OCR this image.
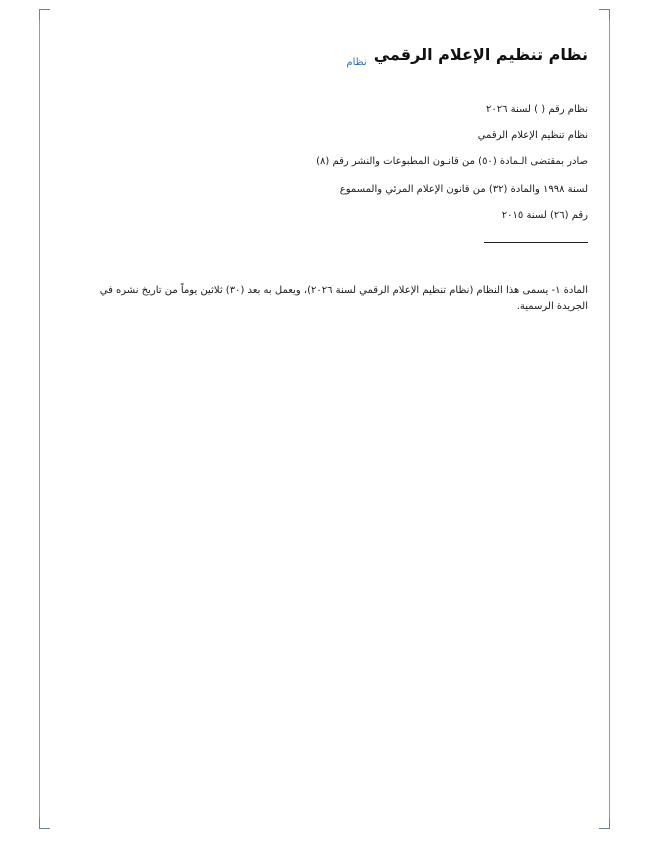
نظام تنظيم الإعلام الرقمي $_{نظام}$
نظام رقم ( ) لسنة ٢٠٢٦
نظام تنظيم الإعلام الرقمي
صادر بمقتضى الـمادة (٥٠) من قانـون المطبوعات والنشر رقم (٨)
لسنة ١٩٩٨ والمادة (٣٢) من قانون الإعلام المرئي والمسموع
رقم (٢٦) لسنة ٢٠١٥
المادة ١- يسمى هذا النظام (نظام تنظيم الإعلام الرقمي لسنة ٢٠٢٦)، ويعمل به بعد (٣٠) ثلاثين يوماً من تاريخ نشره في الجريدة الرسمية.
